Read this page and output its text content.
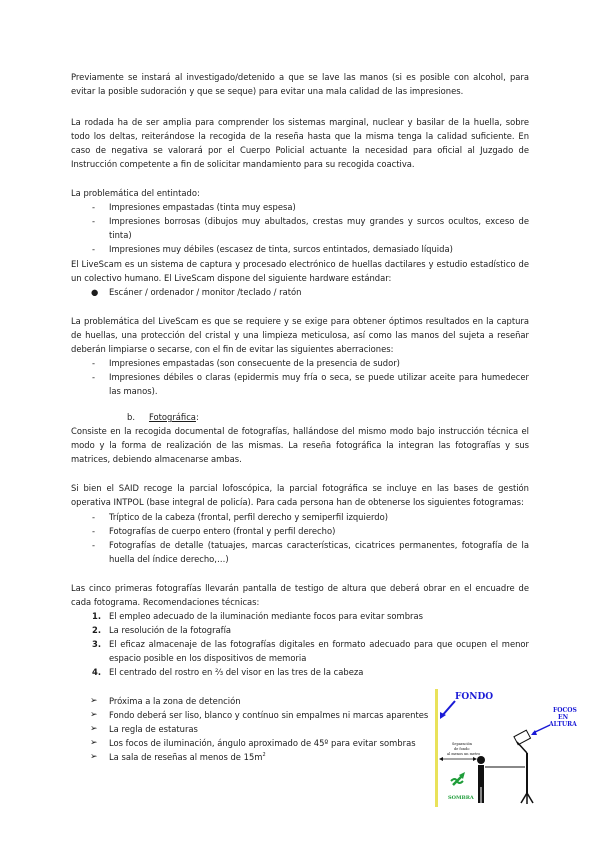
Previamente se instará al investigado/detenido a que se lave las manos (si es posible con alcohol, para evitar la posible sudoración y que se seque) para evitar una mala calidad de las impresiones.

La rodada ha de ser amplia para comprender los sistemas marginal, nuclear y basilar de la huella, sobre todo los deltas, reiterándose la recogida de la reseña hasta que la misma tenga la calidad suficiente. En caso de negativa se valorará por el Cuerpo Policial actuante la necesidad para oficial al Juzgado de Instrucción competente a fin de solicitar mandamiento para su recogida coactiva.

La problemática del entintado:

- Impresiones empastadas (tinta muy espesa)
- Impresiones borrosas (dibujos muy abultados, crestas muy grandes y surcos ocultos, exceso de tinta)
- Impresiones muy débiles (escasez de tinta, surcos entintados, demasiado líquida)

El LiveScam es un sistema de captura y procesado electrónico de huellas dactilares y estudio estadístico de un colectivo humano. El LiveScam dispone del siguiente hardware estándar:

● Escáner / ordenador / monitor /teclado / ratón

La problemática del LiveScam es que se requiere y se exige para obtener óptimos resultados en la captura de huellas, una protección del cristal y una limpieza meticulosa, así como las manos del sujeta a reseñar deberán limpiarse o secarse, con el fin de evitar las siguientes aberraciones:

- Impresiones empastadas (son consecuente de la presencia de sudor)
- Impresiones débiles o claras (epidermis muy fría o seca, se puede utilizar aceite para humedecer las manos).
b. Fotográfica:

Consiste en la recogida documental de fotografías, hallándose del mismo modo bajo instrucción técnica el modo y la forma de realización de las mismas. La reseña fotográfica la integran las fotografías y sus matrices, debiendo almacenarse ambas.

Si bien el SAID recoge la parcial lofoscópica, la parcial fotográfica se incluye en las bases de gestión operativa INTPOL (base integral de policía). Para cada persona han de obtenerse los siguientes fotogramas:

- Tríptico de la cabeza (frontal, perfil derecho y semiperfil izquierdo)
- Fotografías de cuerpo entero (frontal y perfil derecho)
- Fotografías de detalle (tatuajes, marcas características, cicatrices permanentes, fotografía de la huella del índice derecho,…)

Las cinco primeras fotografías llevarán pantalla de testigo de altura que deberá obrar en el encuadre de cada fotograma. Recomendaciones técnicas:

1. El empleo adecuado de la iluminación mediante focos para evitar sombras
2. La resolución de la fotografía
3. El eficaz almacenaje de las fotografías digitales en formato adecuado para que ocupen el menor espacio posible en los dispositivos de memoria
4. El centrado del rostro en ⅔ del visor en las tres de la cabeza
➢ Próxima a la zona de detención
➢ Fondo deberá ser liso, blanco y contínuo sin empalmes ni marcas aparentes
➢ La regla de estaturas
➢ Los focos de iluminación, ángulo aproximado de 45º para evitar sombras
➢ La sala de reseñas al menos de $15m^2$
FONDO
FOCOS
EN
ALTURA
Separación
de fondo
al menos un metro
SOMBRA
